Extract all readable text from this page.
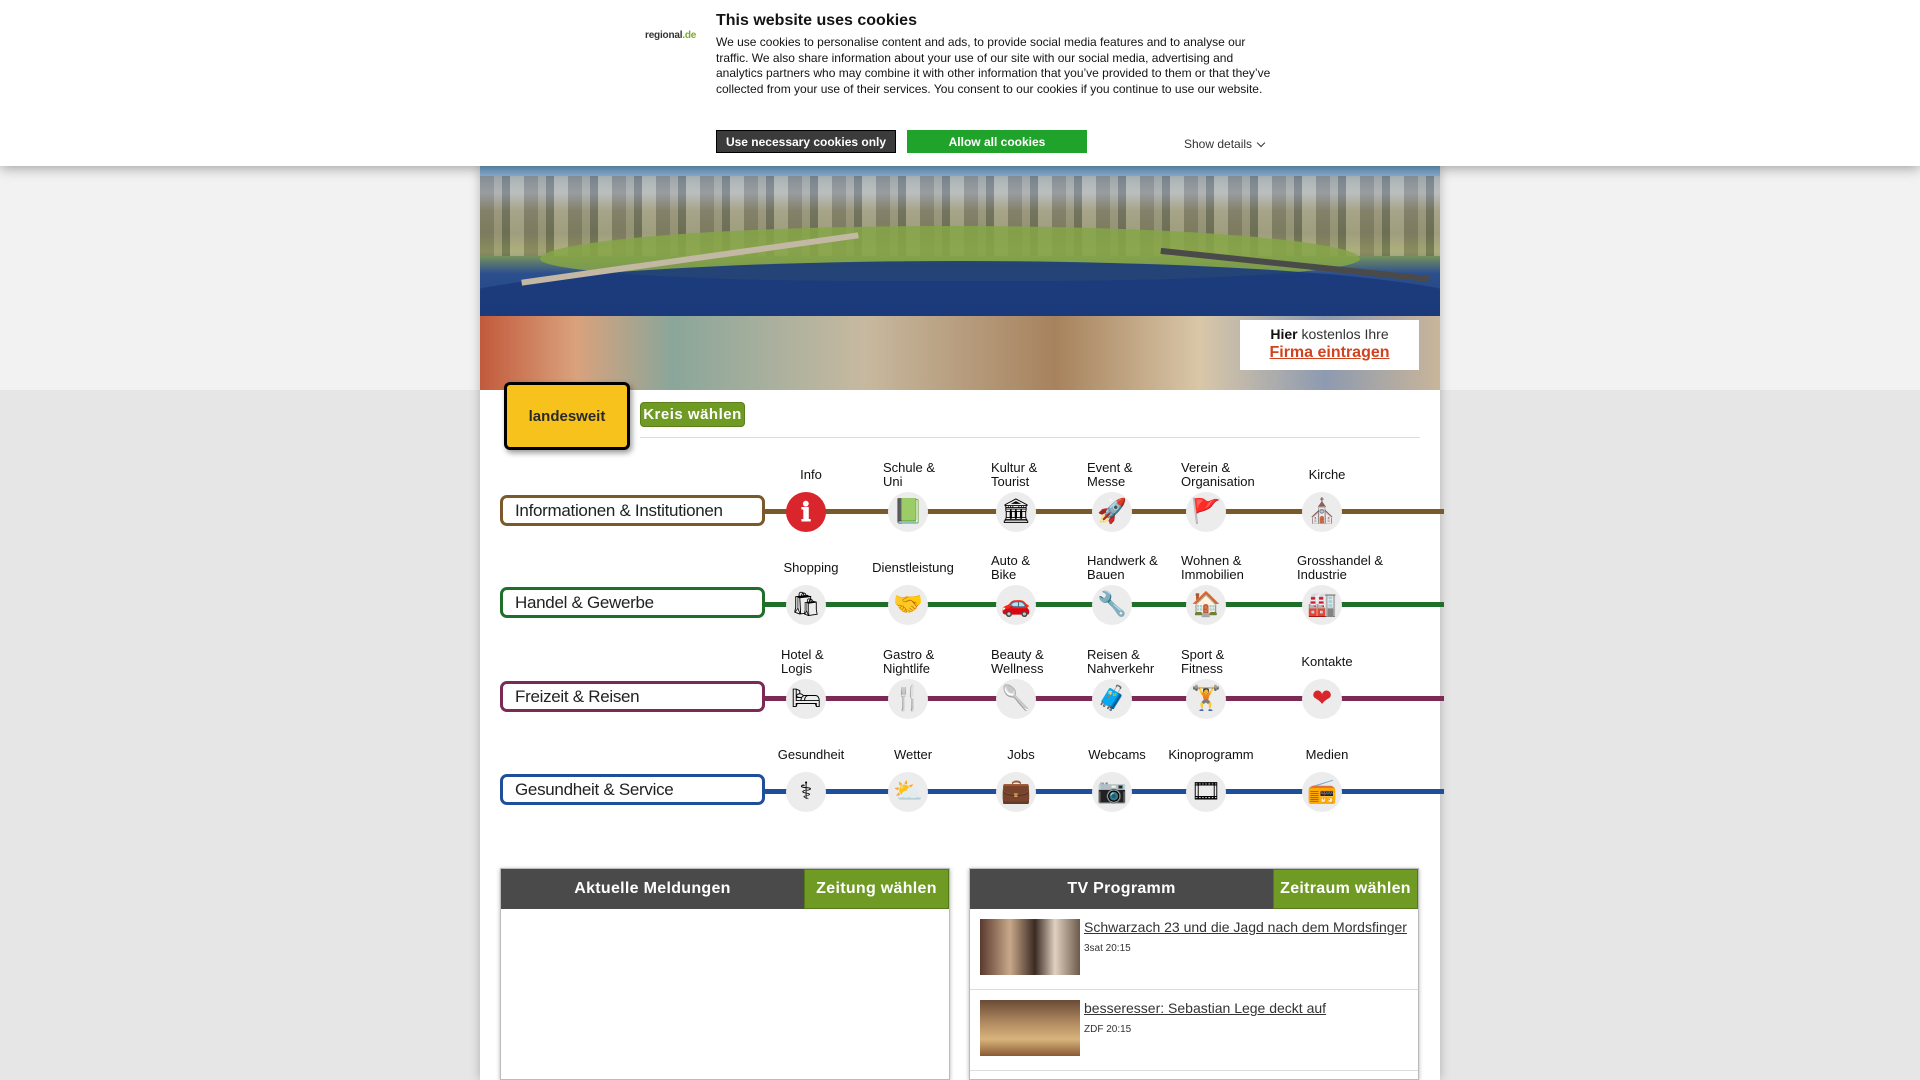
regional.de
This website uses cookies

We use cookies to personalise content and ads, to provide social media features and to analyse our traffic. We also share information about your use of our site with our social media, advertising and analytics partners who may combine it with other information that you’ve provided to them or that they’ve collected from your use of their services. You consent to our cookies if you continue to use our website.

Use necessary cookies only	Allow all cookies	Show details
Hier kostenlos Ihre
Firma eintragen
landesweit	Kreis wählen
Informationen & Institutionen
Handel & Gewerbe
Freizeit & Reisen
Gesundheit & Service
Info
ℹ
Schule &
Uni
📗
Kultur &
Tourist
🏛
Event &
Messe
🚀
Verein &
Organisation
🚩
Kirche
⛪
Shopping
🛍
Dienstleistung
🤝
Auto &
Bike
🚗
Handwerk &
Bauen
🔧
Wohnen &
Immobilien
🏠
Grosshandel &
Industrie
🏭
Hotel &
Logis
🛏
Gastro &
Nightlife
🍴
Beauty &
Wellness
🥄
Reisen &
Nahverkehr
🧳
Sport &
Fitness
🏋
Kontakte
❤
Gesundheit
⚕
Wetter
⛅
Jobs
💼
Webcams
📷
Kinoprogramm
🎞
Medien
📻
Aktuelle Meldungen	Zeitung wählen	TV Programm	Zeitraum wählen
Schwarzach 23 und die Jagd nach dem Mordsfinger
3sat 20:15
besseresser: Sebastian Lege deckt auf
ZDF 20:15
